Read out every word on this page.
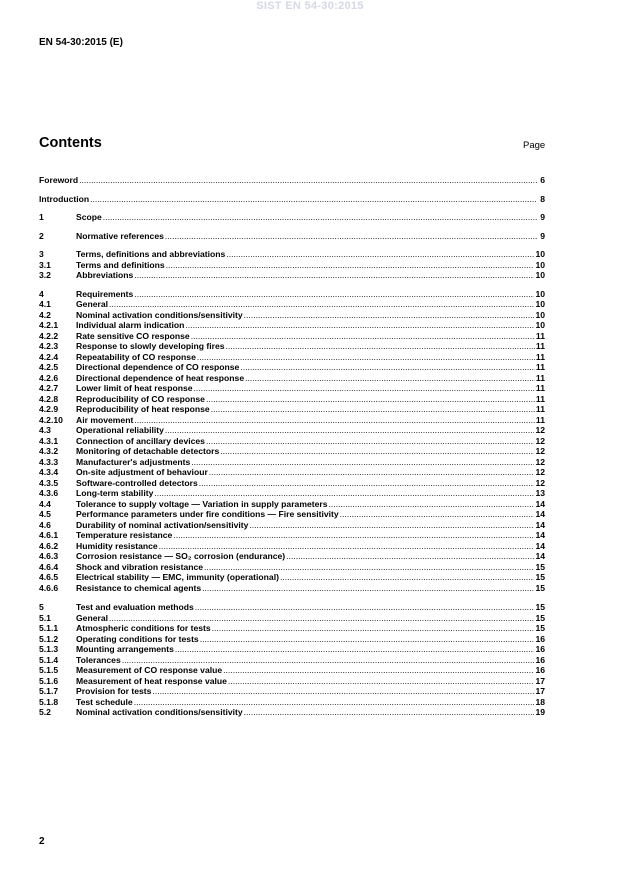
SIST EN 54-30:2015
EN 54-30:2015 (E)
Contents	Page
Foreword .....	6
Introduction .....	8
1	Scope .....	9
2	Normative references .....	9
3	Terms, definitions and abbreviations .....	10
3.1	Terms and definitions .....	10
3.2	Abbreviations .....	10
4	Requirements .....	10
4.1	General .....	10
4.2	Nominal activation conditions/sensitivity .....	10
4.2.1	Individual alarm indication .....	10
4.2.2	Rate sensitive CO response .....	11
4.2.3	Response to slowly developing fires .....	11
4.2.4	Repeatability of CO response .....	11
4.2.5	Directional dependence of CO response .....	11
4.2.6	Directional dependence of heat response .....	11
4.2.7	Lower limit of heat response .....	11
4.2.8	Reproducibility of CO response .....	11
4.2.9	Reproducibility of heat response .....	11
4.2.10	Air movement .....	11
4.3	Operational reliability .....	12
4.3.1	Connection of ancillary devices .....	12
4.3.2	Monitoring of detachable detectors .....	12
4.3.3	Manufacturer's adjustments .....	12
4.3.4	On-site adjustment of behaviour .....	12
4.3.5	Software-controlled detectors .....	12
4.3.6	Long-term stability .....	13
4.4	Tolerance to supply voltage — Variation in supply parameters .....	14
4.5	Performance parameters under fire conditions — Fire sensitivity .....	14
4.6	Durability of nominal activation/sensitivity .....	14
4.6.1	Temperature resistance .....	14
4.6.2	Humidity resistance .....	14
4.6.3	Corrosion resistance — SO₂ corrosion (endurance) .....	14
4.6.4	Shock and vibration resistance .....	15
4.6.5	Electrical stability — EMC, immunity (operational) .....	15
4.6.6	Resistance to chemical agents .....	15
5	Test and evaluation methods .....	15
5.1	General .....	15
5.1.1	Atmospheric conditions for tests .....	15
5.1.2	Operating conditions for tests .....	16
5.1.3	Mounting arrangements .....	16
5.1.4	Tolerances .....	16
5.1.5	Measurement of CO response value .....	16
5.1.6	Measurement of heat response value .....	17
5.1.7	Provision for tests .....	17
5.1.8	Test schedule .....	18
5.2	Nominal activation conditions/sensitivity .....	19
2
